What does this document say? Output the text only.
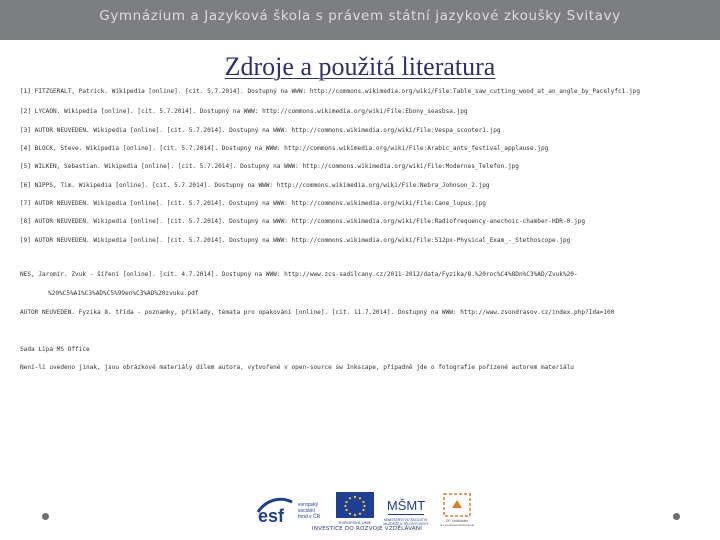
Gymnázium a Jazyková škola s právem státní jazykové zkoušky Svitavy
Zdroje a použitá literatura
[1] FITZGERALT, Patrick. Wikipedia [online]. [cit. 5.7.2014]. Dostupný na WWW: http://commons.wikimedia.org/wiki/File:Table_saw_cutting_wood_at_an_angle_by_Pacelyfc1.jpg
[2] LYCAON. Wikipedia [online]. [cit. 5.7.2014]. Dostupný na WWW: http://commons.wikimedia.org/wiki/File:Ebony_seasbsa.jpg
[3] AUTOR NEUVEDEN. Wikipedia [online]. [cit. 5.7.2014]. Dostupný na WWW: http://commons.wikimedia.org/wiki/File:Vespa_scooter1.jpg
[4] BLOCK, Steve. Wikipedia [online]. [cit. 5.7.2014]. Dostupný na WWW: http://commons.wikimedia.org/wiki/File:Arabic_ants_festival_applause.jpg
[5] WILKEN, Sebastian. Wikipedia [online]. [cit. 5.7.2014]. Dostupný na WWW: http://commons.wikimedia.org/wiki/File:Modernes_Telefon.jpg
[6] NIPPS, Tim. Wikipedia [online]. [cit. 5.7.2014]. Dostupný na WWW: http://commons.wikimedia.org/wiki/File:Nebra_Johnson_2.jpg
[7] AUTOR NEUVEDEN. Wikipedia [online]. [cit. 5.7.2014]. Dostupný na WWW: http://commons.wikimedia.org/wiki/File:Cane_lupus.jpg
[8] AUTOR NEUVEDEN. Wikipedia [online]. [cit. 5.7.2014]. Dostupný na WWW: http://commons.wikimedia.org/wiki/File:Radiofrequency-anechoic-chamber-HDR-0.jpg
[9] AUTOR NEUVEDEN. Wikipedia [online]. [cit. 5.7.2014]. Dostupný na WWW: http://commons.wikimedia.org/wiki/File:512px-Physical_Exam_-_Stethoscope.jpg
NES, Jaromír. Zvuk - šíření [online]. [cit. 4.7.2014]. Dostupný na WWW: http://www.zcs-sadilcany.cz/2011-2012/data/Fyzika/8.%20roc%C4%8Dn%C3%AD/Zvuk%20-
%20%C5%A1%C3%AD%C5%99en%C3%AD%20zvuku.pdf
AUTOR NEUVEDEN. Fyzika 8. třída - poznamky, příklady, témata pro opakování [online]. [cit. 11.7.2014]. Dostupný na WWW: http://www.zsondrasov.cz/index.php?Ida=100
Sada Lipa MS Office
Není-li uvedeno jinak, jsou obrázkové materiály dílem autora, vytvořené v open-source sw Inkscape, případně jde o fotografie pořízené autorem materiálu
esf
evropský
sociální
fond v ČR
EVROPSKÁ UNIE
MŠMT
MINISTERSTVO ŠKOLSTVÍ,
MLÁDEŽE A TĚLOVÝCHOVY
OP Vzdělávání
pro konkurenceschopnost
INVESTICE DO ROZVOJE VZDĚLÁVÁNÍ
